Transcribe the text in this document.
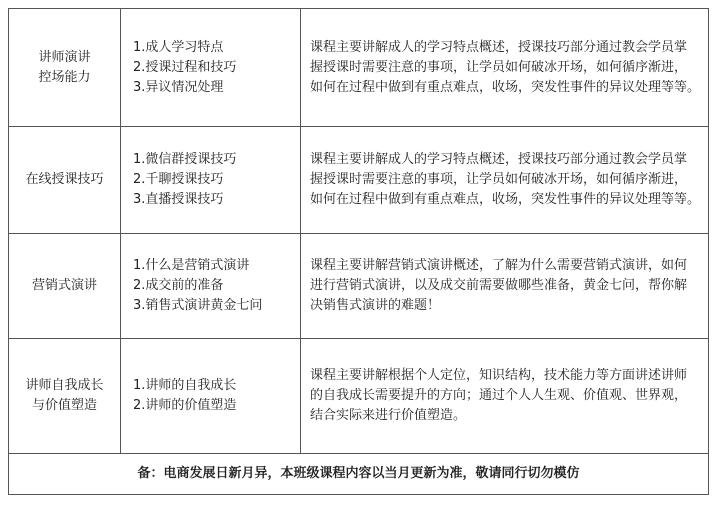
讲师演讲
控场能力	1.成人学习特点
2.授课过程和技巧
3.异议情况处理	课程主要讲解成人的学习特点概述，授课技巧部分通过教会学员掌
握授课时需要注意的事项，让学员如何破冰开场，如何循序渐进，
如何在过程中做到有重点难点，收场，突发性事件的异议处理等等。

在线授课技巧	1.微信群授课技巧
2.千聊授课技巧
3.直播授课技巧	课程主要讲解成人的学习特点概述，授课技巧部分通过教会学员掌
握授课时需要注意的事项，让学员如何破冰开场，如何循序渐进，
如何在过程中做到有重点难点，收场，突发性事件的异议处理等等。

营销式演讲	1.什么是营销式演讲
2.成交前的准备
3.销售式演讲黄金七问	课程主要讲解营销式演讲概述，了解为什么需要营销式演讲，如何
进行营销式演讲，以及成交前需要做哪些准备，黄金七问，帮你解
决销售式演讲的难题！

讲师自我成长
与价值塑造	1.讲师的自我成长
2.讲师的价值塑造	课程主要讲解根据个人定位，知识结构，技术能力等方面讲述讲师
的自我成长需要提升的方向；通过个人人生观、价值观、世界观，
结合实际来进行价值塑造。

备：电商发展日新月异，本班级课程内容以当月更新为准，敬请同行切勿模仿		
